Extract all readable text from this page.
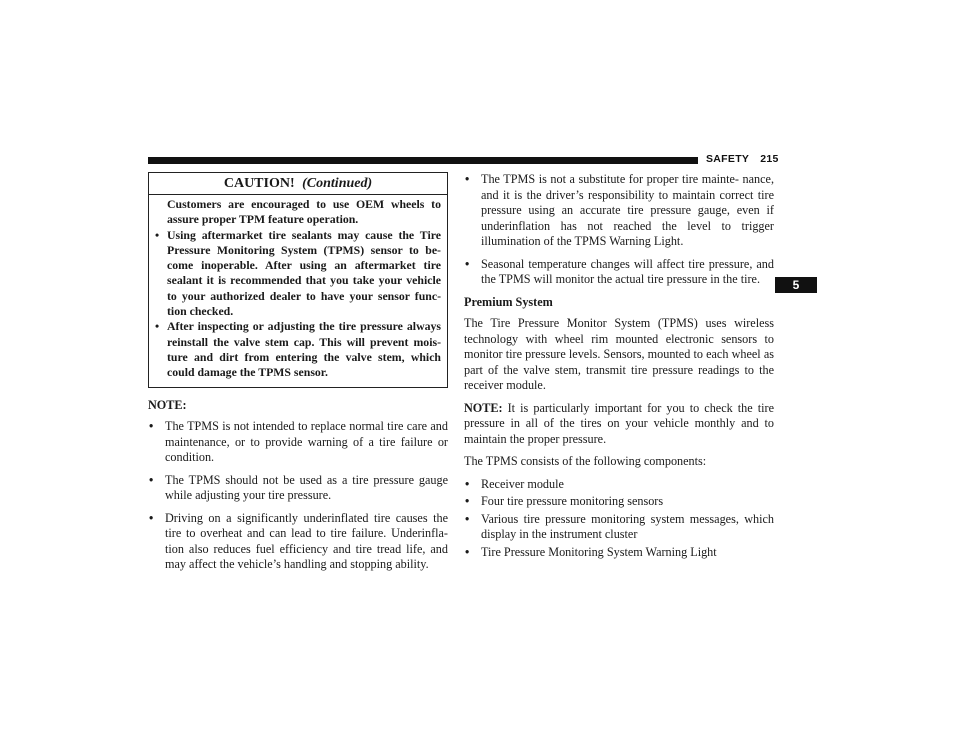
SAFETY 215
5
CAUTION! (Continued)

Customers are encouraged to use OEM wheels to assure proper TPM feature operation.

• Using aftermarket tire sealants may cause the Tire Pressure Monitoring System (TPMS) sensor to be- come inoperable. After using an aftermarket tire sealant it is recommended that you take your vehicle to your authorized dealer to have your sensor func- tion checked.
• After inspecting or adjusting the tire pressure always reinstall the valve stem cap. This will prevent mois- ture and dirt from entering the valve stem, which could damage the TPMS sensor.
NOTE:
• The TPMS is not intended to replace normal tire care and maintenance, or to provide warning of a tire failure or condition.
• The TPMS should not be used as a tire pressure gauge while adjusting your tire pressure.
• Driving on a significantly underinflated tire causes the tire to overheat and can lead to tire failure. Underinfla- tion also reduces fuel efficiency and tire tread life, and may affect the vehicle’s handling and stopping ability.
• The TPMS is not a substitute for proper tire mainte- nance, and it is the driver’s responsibility to maintain correct tire pressure using an accurate tire pressure gauge, even if underinflation has not reached the level to trigger illumination of the TPMS Warning Light.
• Seasonal temperature changes will affect tire pressure, and the TPMS will monitor the actual tire pressure in the tire.
Premium System

The Tire Pressure Monitor System (TPMS) uses wireless technology with wheel rim mounted electronic sensors to monitor tire pressure levels. Sensors, mounted to each wheel as part of the valve stem, transmit tire pressure readings to the receiver module.

NOTE: It is particularly important for you to check the tire pressure in all of the tires on your vehicle monthly and to maintain the proper pressure.

The TPMS consists of the following components:

• Receiver module
• Four tire pressure monitoring sensors
• Various tire pressure monitoring system messages, which display in the instrument cluster
• Tire Pressure Monitoring System Warning Light
